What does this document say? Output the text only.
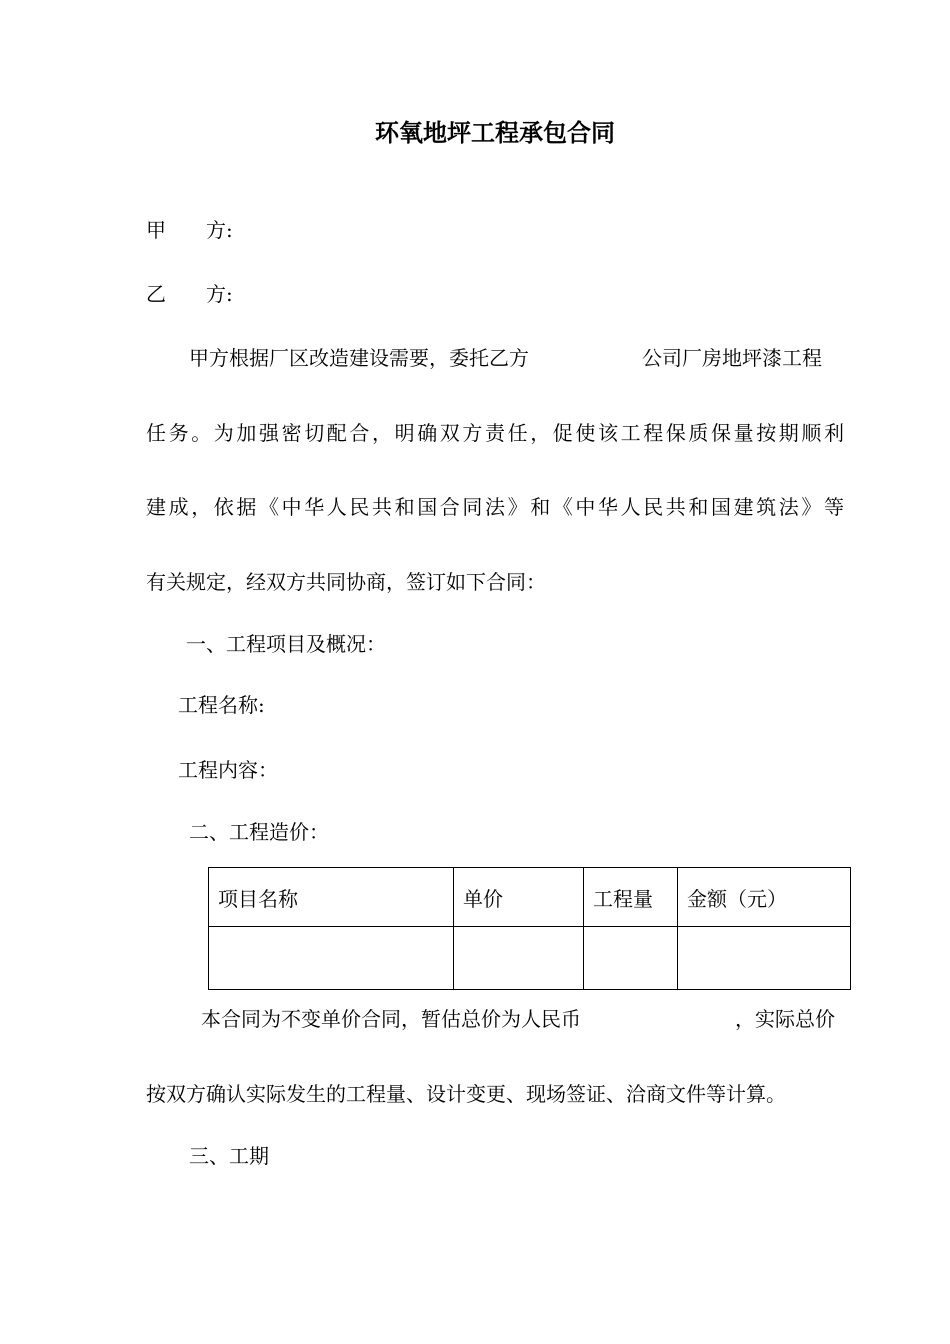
环氧地坪工程承包合同
甲　　方:
乙　　方:
甲方根据厂区改造建设需要，委托乙方	公司厂房地坪漆工程
任务。为加强密切配合，明确双方责任，促使该工程保质保量按期顺利
建成，依据《中华人民共和国合同法》和《中华人民共和国建筑法》等
有关规定，经双方共同协商，签订如下合同：
一、工程项目及概况：
工程名称:
工程内容：
二、工程造价：
项目名称	单价	工程量	金额（元）

本合同为不变单价合同，暂估总价为人民币	，实际总价
按双方确认实际发生的工程量、设计变更、现场签证、洽商文件等计算。
三、工期
